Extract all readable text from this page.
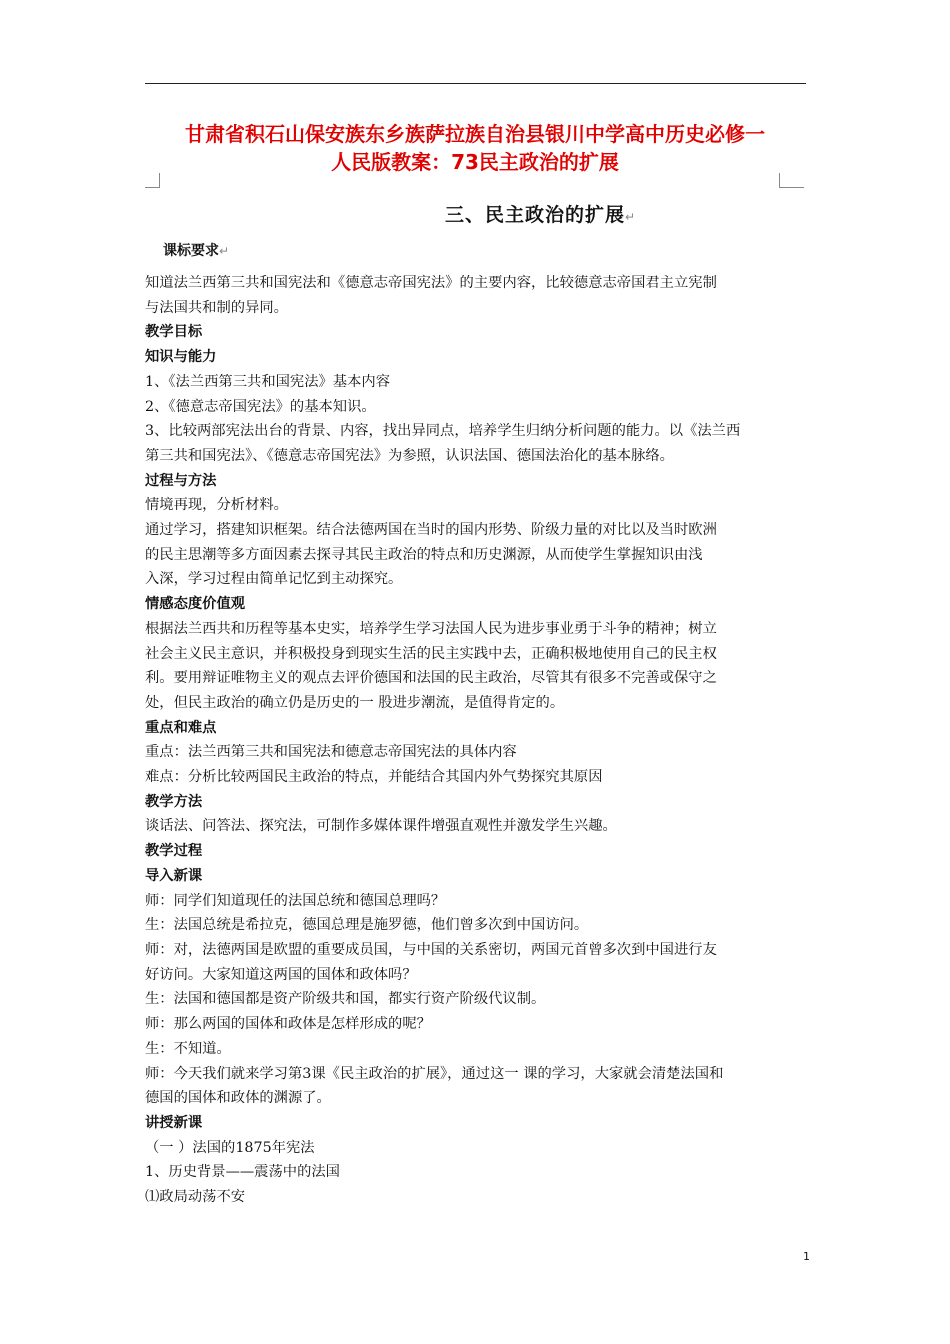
甘肃省积石山保安族东乡族萨拉族自治县银川中学高中历史必修一
人民版教案：73民主政治的扩展
三、民主政治的扩展↵
课标要求↵
知道法兰西第三共和国宪法和《德意志帝国宪法》的主要内容，比较德意志帝国君主立宪制
与法国共和制的异同。
教学目标
知识与能力
1、《法兰西第三共和国宪法》基本内容
2、《德意志帝国宪法》的基本知识。
3、比较两部宪法出台的背景、内容，找出异同点，培养学生归纳分析问题的能力。以《法兰西
第三共和国宪法》、《德意志帝国宪法》为参照，认识法国、德国法治化的基本脉络。
过程与方法
情境再现，分析材料。
通过学习，搭建知识框架。结合法德两国在当时的国内形势、阶级力量的对比以及当时欧洲
的民主思潮等多方面因素去探寻其民主政治的特点和历史渊源，从而使学生掌握知识由浅
入深，学习过程由简单记忆到主动探究。
情感态度价值观
根据法兰西共和历程等基本史实，培养学生学习法国人民为进步事业勇于斗争的精神；树立
社会主义民主意识，并积极投身到现实生活的民主实践中去，正确积极地使用自己的民主权
利。要用辩证唯物主义的观点去评价德国和法国的民主政治，尽管其有很多不完善或保守之
处，但民主政治的确立仍是历史的一 股进步潮流，是值得肯定的。
重点和难点
重点：法兰西第三共和国宪法和德意志帝国宪法的具体内容
难点：分析比较两国民主政治的特点，并能结合其国内外气势探究其原因
教学方法
谈话法、问答法、探究法，可制作多媒体课件增强直观性并激发学生兴趣。
教学过程
导入新课
师：同学们知道现任的法国总统和德国总理吗？
生：法国总统是希拉克，德国总理是施罗德，他们曾多次到中国访问。
师：对，法德两国是欧盟的重要成员国，与中国的关系密切，两国元首曾多次到中国进行友
好访问。大家知道这两国的国体和政体吗？
生：法国和德国都是资产阶级共和国，都实行资产阶级代议制。
师：那么两国的国体和政体是怎样形成的呢？
生：不知道。
师：今天我们就来学习第3课《民主政治的扩展》，通过这一 课的学习，大家就会清楚法国和
德国的国体和政体的渊源了。
讲授新课
（一 ）法国的1875年宪法
1、历史背景——震荡中的法国
⑴政局动荡不安
1
